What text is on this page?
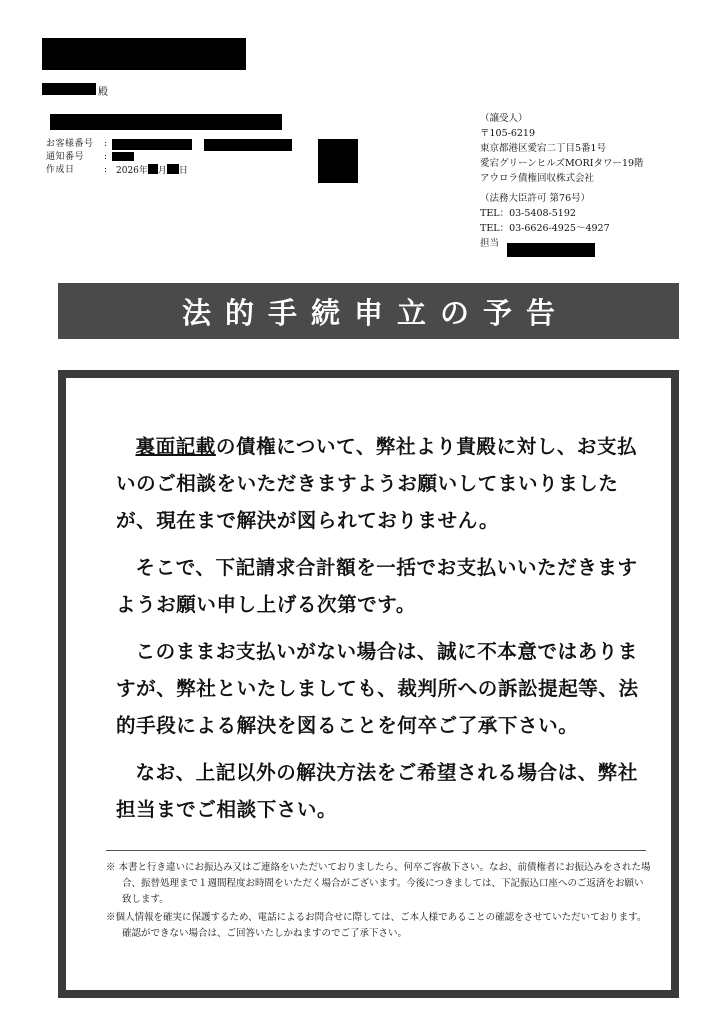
殿
お客様番号	:
通知番号	:
作成日	: 2026年 月 日
（譲受人）
〒105-6219
東京都港区愛宕二丁目5番1号
愛宕グリーンヒルズMORIタワー19階
アウロラ債権回収株式会社
（法務大臣許可 第76号）
TEL：03-5408-5192
TEL：03-6626-4925～4927
担当
法的手続申立の予告

裏面記載の債権について、弊社より貴殿に対し、お支払いのご相談をいただきますようお願いしてまいりましたが、現在まで解決が図られておりません。

そこで、下記請求合計額を一括でお支払いいただきますようお願い申し上げる次第です。

このままお支払いがない場合は、誠に不本意ではありますが、弊社といたしましても、裁判所への訴訟提起等、法的手段による解決を図ることを何卒ご了承下さい。

なお、上記以外の解決方法をご希望される場合は、弊社担当までご相談下さい。

※ 本書と行き違いにお振込み又はご連絡をいただいておりましたら、何卒ご容赦下さい。なお、前債権者にお振込みをされた場合、振替処理まで１週間程度お時間をいただく場合がございます。今後につきましては、下記振込口座へのご返済をお願い致します。
※個人情報を確実に保護するため、電話によるお問合せに際しては、ご本人様であることの確認をさせていただいております。 確認ができない場合は、ご回答いたしかねますのでご了承下さい。
